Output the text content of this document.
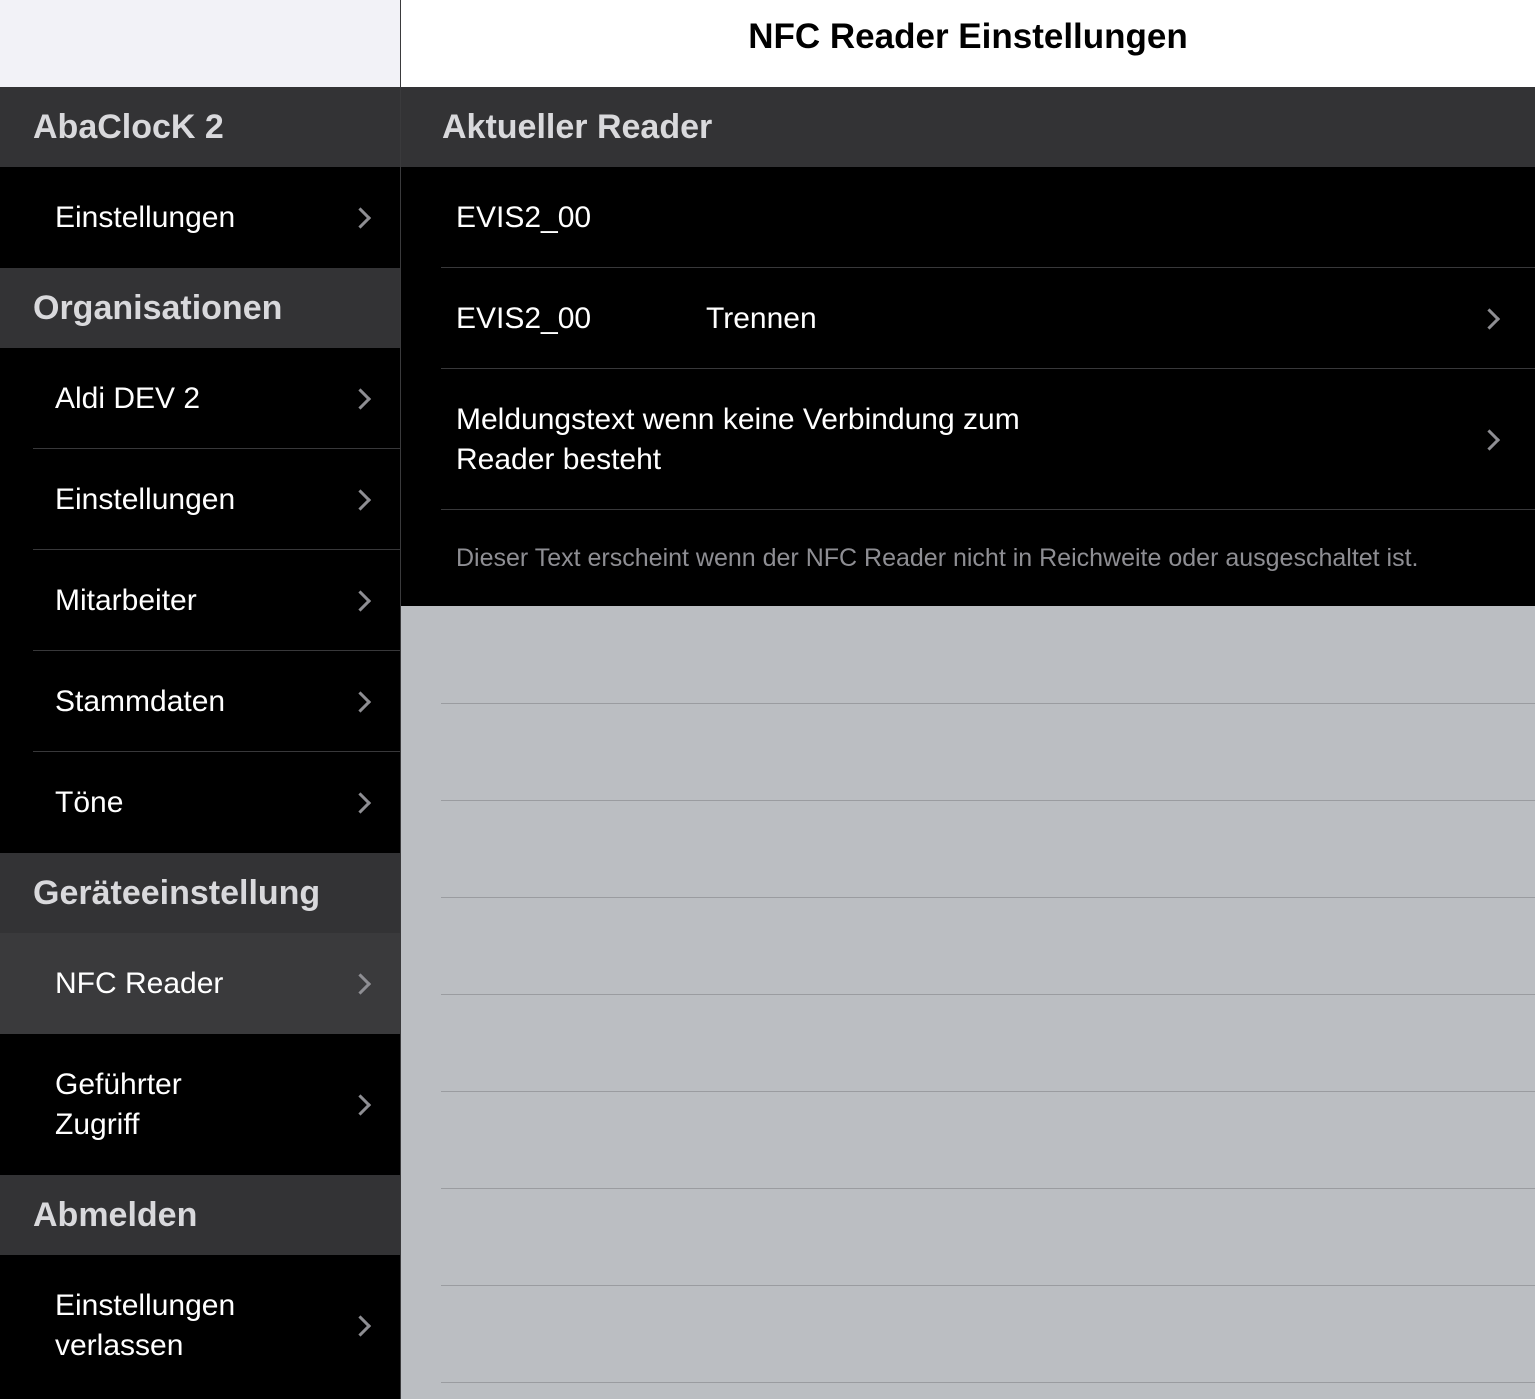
AbaClocK 2
Einstellungen
Organisationen
Aldi DEV 2
Einstellungen
Mitarbeiter
Stammdaten
Töne
Geräteeinstellung
NFC Reader
Geführter
Zugriff
Abmelden
Einstellungen
verlassen
NFC Reader Einstellungen
Aktueller Reader
EVIS2_00
EVIS2_00	Trennen
Meldungstext wenn keine Verbindung zum
Reader besteht
Dieser Text erscheint wenn der NFC Reader nicht in Reichweite oder ausgeschaltet ist.
